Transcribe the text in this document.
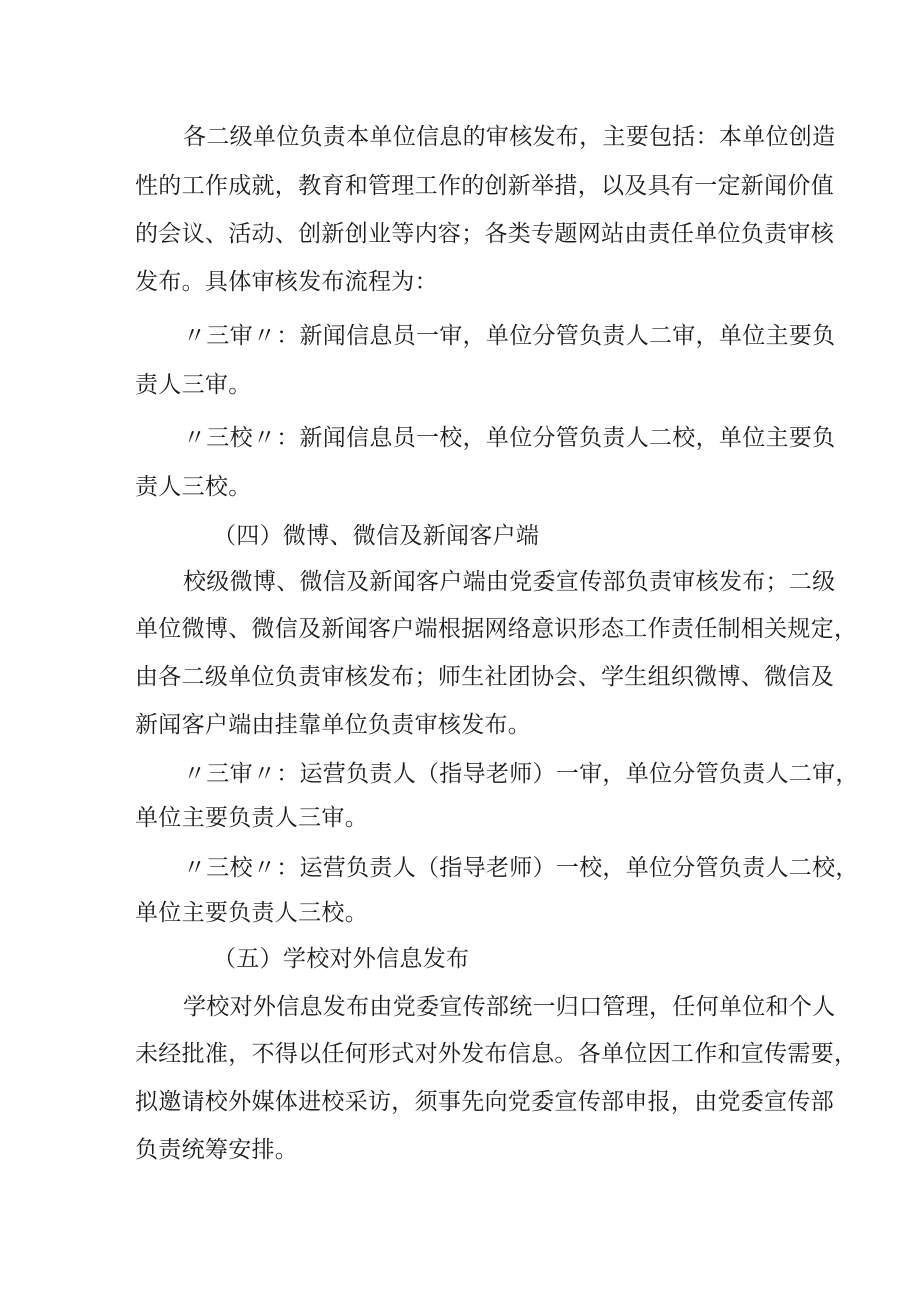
各二级单位负责本单位信息的审核发布，主要包括：本单位创造
性的工作成就，教育和管理工作的创新举措，以及具有一定新闻价值
的会议、活动、创新创业等内容；各类专题网站由责任单位负责审核
发布。具体审核发布流程为：
〃三审〃：新闻信息员一审，单位分管负责人二审，单位主要负
责人三审。
〃三校〃：新闻信息员一校，单位分管负责人二校，单位主要负
责人三校。
（四）微博、微信及新闻客户端
校级微博、微信及新闻客户端由党委宣传部负责审核发布；二级
单位微博、微信及新闻客户端根据网络意识形态工作责任制相关规定，
由各二级单位负责审核发布；师生社团协会、学生组织微博、微信及
新闻客户端由挂靠单位负责审核发布。
〃三审〃：运营负责人（指导老师）一审，单位分管负责人二审，
单位主要负责人三审。
〃三校〃：运营负责人（指导老师）一校，单位分管负责人二校，
单位主要负责人三校。
（五）学校对外信息发布
学校对外信息发布由党委宣传部统一归口管理，任何单位和个人
未经批准，不得以任何形式对外发布信息。各单位因工作和宣传需要，
拟邀请校外媒体进校采访，须事先向党委宣传部申报，由党委宣传部
负责统筹安排。
